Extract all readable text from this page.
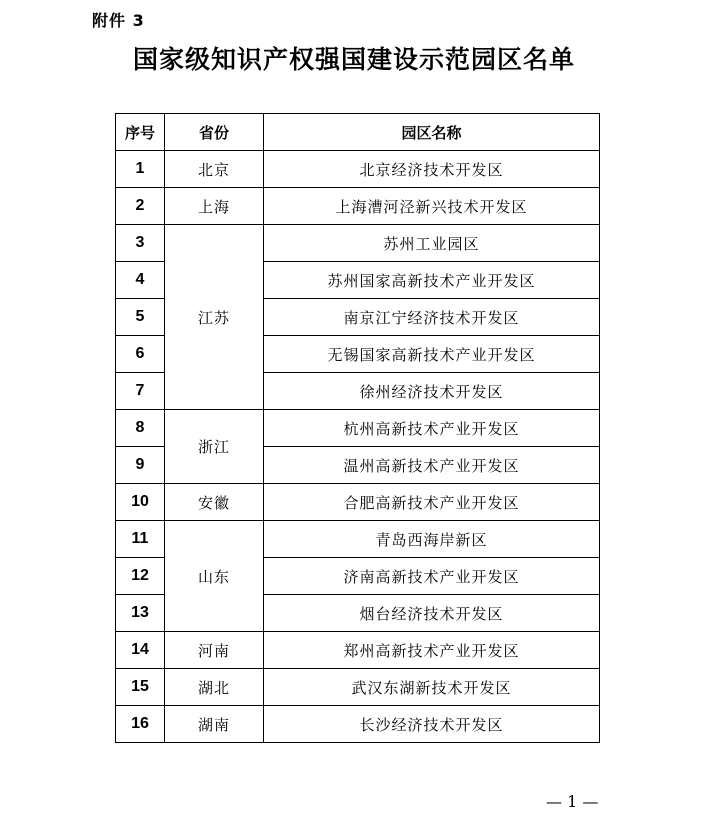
附件 3
国家级知识产权强国建设示范园区名单
序号	省份	园区名称
1	北京	北京经济技术开发区
2	上海	上海漕河泾新兴技术开发区
3	江苏	苏州工业园区
4		苏州国家高新技术产业开发区
5		南京江宁经济技术开发区
6		无锡国家高新技术产业开发区
7		徐州经济技术开发区
8	浙江	杭州高新技术产业开发区
9		温州高新技术产业开发区
10	安徽	合肥高新技术产业开发区
11	山东	青岛西海岸新区
12		济南高新技术产业开发区
13		烟台经济技术开发区
14	河南	郑州高新技术产业开发区
15	湖北	武汉东湖新技术开发区
16	湖南	长沙经济技术开发区
— 1 —
